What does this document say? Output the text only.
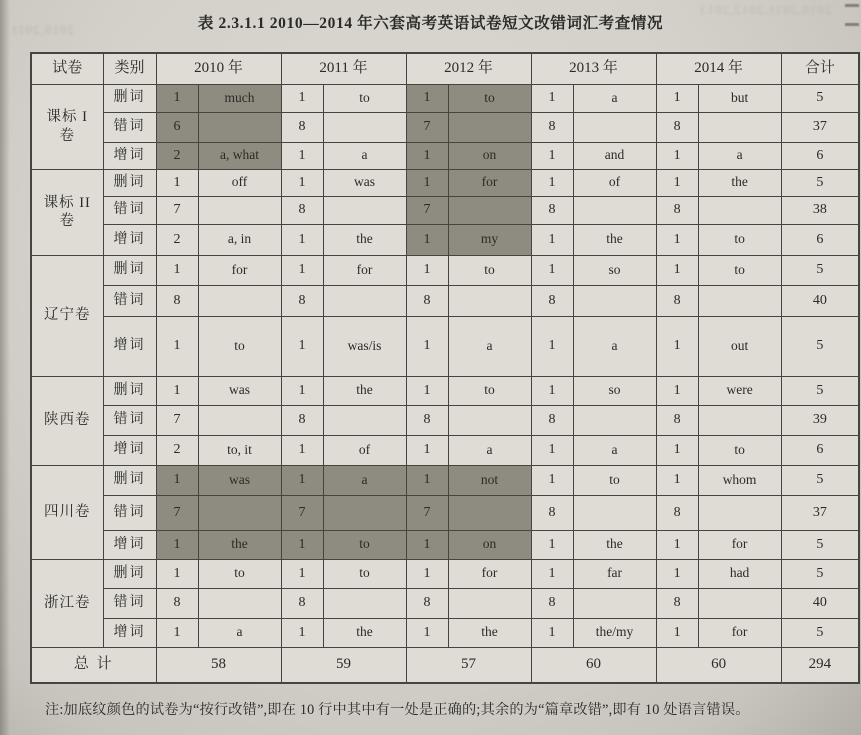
2010,2011.
2010,2011,2012,2013
表 2.3.1.1 2010—2014 年六套高考英语试卷短文改错词汇考查情况
试卷	类别	2010 年		2011 年		2012 年		2013 年		2014 年		合计
课标 I 卷	删词	1	much	1	to	1	to	1	a	1	but	5
	错词	6		8		7		8		8		37
	增词	2	a, what	1	a	1	on	1	and	1	a	6
课标 II 卷	删词	1	off	1	was	1	for	1	of	1	the	5
	错词	7		8		7		8		8		38
	增词	2	a, in	1	the	1	my	1	the	1	to	6
辽宁卷	删词	1	for	1	for	1	to	1	so	1	to	5
	错词	8		8		8		8		8		40
	增词	1	to	1	was/is	1	a	1	a	1	out	5
陕西卷	删词	1	was	1	the	1	to	1	so	1	were	5
	错词	7		8		8		8		8		39
	增词	2	to, it	1	of	1	a	1	a	1	to	6
四川卷	删词	1	was	1	a	1	not	1	to	1	whom	5
	错词	7		7		7		8		8		37
	增词	1	the	1	to	1	on	1	the	1	for	5
浙江卷	删词	1	to	1	to	1	for	1	far	1	had	5
	错词	8		8		8		8		8		40
	增词	1	a	1	the	1	the	1	the/my	1	for	5
总 计		58		59		57		60		60		294
注:加底纹颜色的试卷为“按行改错”,即在 10 行中其中有一处是正确的;其余的为“篇章改错”,即有 10 处语言错误。
